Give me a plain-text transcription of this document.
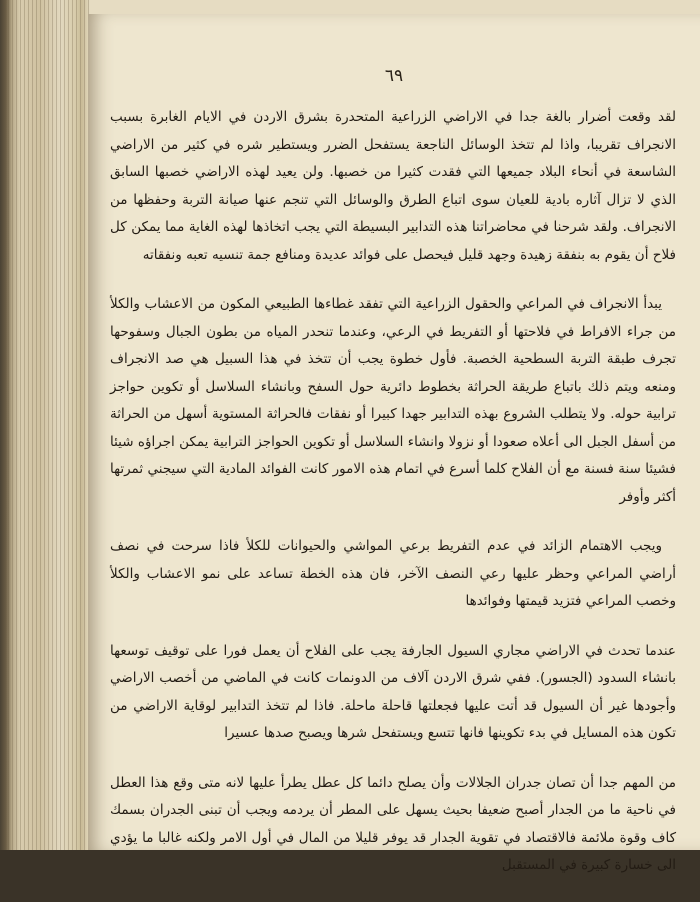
٦٩

لقد وقعت أضرار بالغة جدا في الاراضي الزراعية المتحدرة بشرق الاردن في الايام الغابرة بسبب الانجراف تقريبا، واذا لم تتخذ الوسائل الناجعة يستفحل الضرر ويستطير شره في كثير من الاراضي الشاسعة في أنحاء البلاد جميعها التي فقدت كثيرا من خصبها. ولن يعيد لهذه الاراضي خصبها السابق الذي لا تزال آثاره بادية للعيان سوى اتباع الطرق والوسائل التي تنجم عنها صيانة التربة وحفظها من الانجراف. ولقد شرحنا في محاضراتنا هذه التدابير البسيطة التي يجب اتخاذها لهذه الغاية مما يمكن كل فلاح أن يقوم به بنفقة زهيدة وجهد قليل فيحصل على فوائد عديدة ومنافع جمة تنسيه تعبه ونفقاته

يبدأ الانجراف في المراعي والحقول الزراعية التي تفقد غطاءها الطبيعي المكون من الاعشاب والكلأ من جراء الافراط في فلاحتها أو التفريط في الرعي، وعندما تنحدر المياه من بطون الجبال وسفوحها تجرف طبقة التربة السطحية الخصبة. فأول خطوة يجب أن تتخذ في هذا السبيل هي صد الانجراف ومنعه ويتم ذلك باتباع طريقة الحراثة بخطوط دائرية حول السفح وبانشاء السلاسل أو تكوين حواجز ترابية حوله. ولا يتطلب الشروع بهذه التدابير جهدا كبيرا أو نفقات فالحراثة المستوية أسهل من الحراثة من أسفل الجبل الى أعلاه صعودا أو نزولا وانشاء السلاسل أو تكوين الحواجز الترابية يمكن اجراؤه شيئا فشيئا سنة فسنة مع أن الفلاح كلما أسرع في اتمام هذه الامور كانت الفوائد المادية التي سيجني ثمرتها أكثر وأوفر

ويجب الاهتمام الزائد في عدم التفريط برعي المواشي والحيوانات للكلأ فاذا سرحت في نصف أراضي المراعي وحظر عليها رعي النصف الآخر، فان هذه الخطة تساعد على نمو الاعشاب والكلأ وخصب المراعي فتزيد قيمتها وفوائدها

عندما تحدث في الاراضي مجاري السيول الجارفة يجب على الفلاح أن يعمل فورا على توقيف توسعها بانشاء السدود (الجسور). ففي شرق الاردن آلاف من الدونمات كانت في الماضي من أخصب الاراضي وأجودها غير أن السيول قد أتت عليها فجعلتها قاحلة ماحلة. فاذا لم تتخذ التدابير لوقاية الاراضي من تكون هذه المسايل في بدء تكوينها فانها تتسع ويستفحل شرها ويصبح صدها عسيرا

من المهم جدا أن تصان جدران الجلالات وأن يصلح دائما كل عطل يطرأ عليها لانه متى وقع هذا العطل في ناحية ما من الجدار أصبح ضعيفا بحيث يسهل على المطر أن يردمه ويجب أن تبنى الجدران بسمك كاف وقوة ملائمة فالاقتصاد في تقوية الجدار قد يوفر قليلا من المال في أول الامر ولكنه غالبا ما يؤدي الى خسارة كبيرة في المستقبل
